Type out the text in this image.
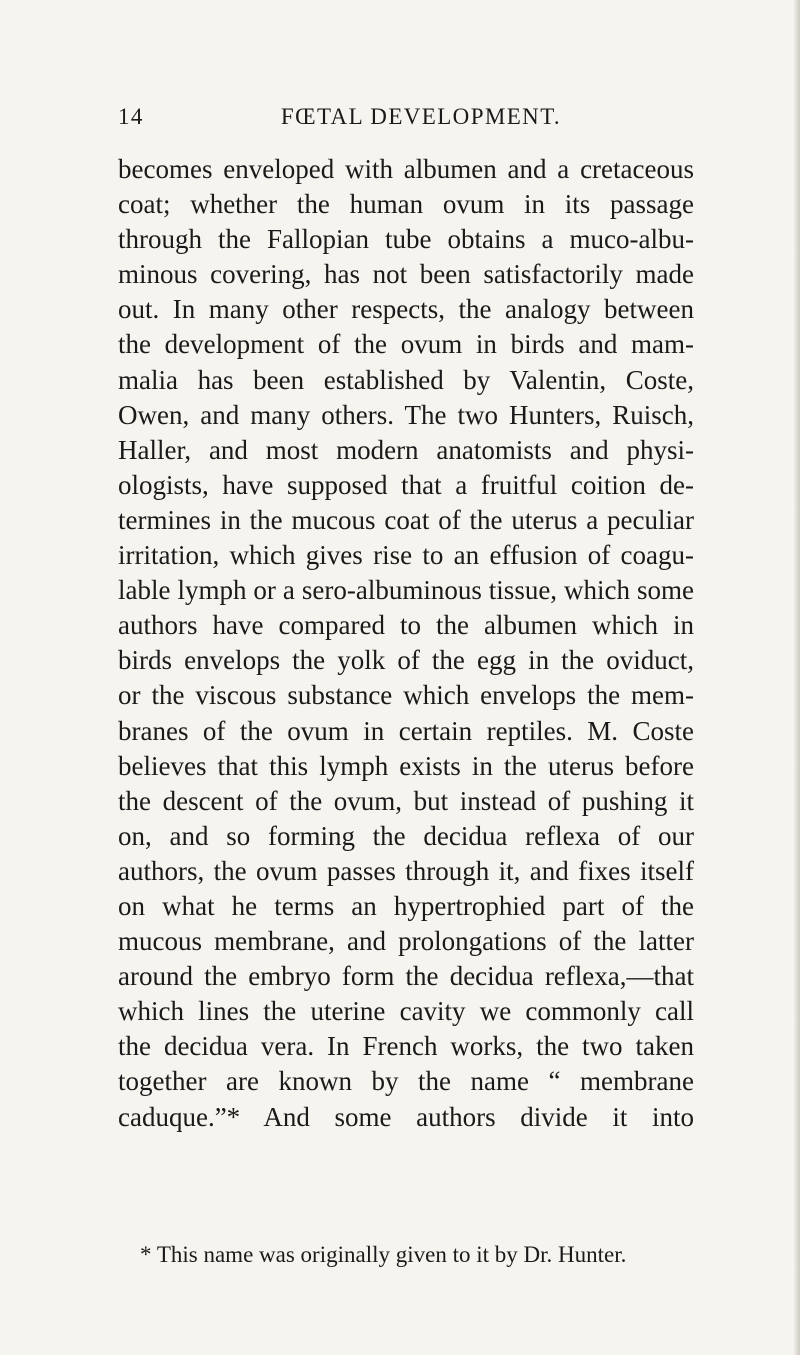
14	FŒTAL DEVELOPMENT.
becomes enveloped with albumen and a cretaceous
coat; whether the human ovum in its passage
through the Fallopian tube obtains a muco-albu-
minous covering, has not been satisfactorily made
out. In many other respects, the analogy between
the development of the ovum in birds and mam-
malia has been established by Valentin, Coste,
Owen, and many others. The two Hunters, Ruisch,
Haller, and most modern anatomists and physi-
ologists, have supposed that a fruitful coition de-
termines in the mucous coat of the uterus a peculiar
irritation, which gives rise to an effusion of coagu-
lable lymph or a sero-albuminous tissue, which some
authors have compared to the albumen which in
birds envelops the yolk of the egg in the oviduct,
or the viscous substance which envelops the mem-
branes of the ovum in certain reptiles. M. Coste
believes that this lymph exists in the uterus before
the descent of the ovum, but instead of pushing it
on, and so forming the decidua reflexa of our
authors, the ovum passes through it, and fixes itself
on what he terms an hypertrophied part of the
mucous membrane, and prolongations of the latter
around the embryo form the decidua reflexa,—that
which lines the uterine cavity we commonly call
the decidua vera. In French works, the two taken
together are known by the name “ membrane
caduque.”* And some authors divide it into
* This name was originally given to it by Dr. Hunter.
